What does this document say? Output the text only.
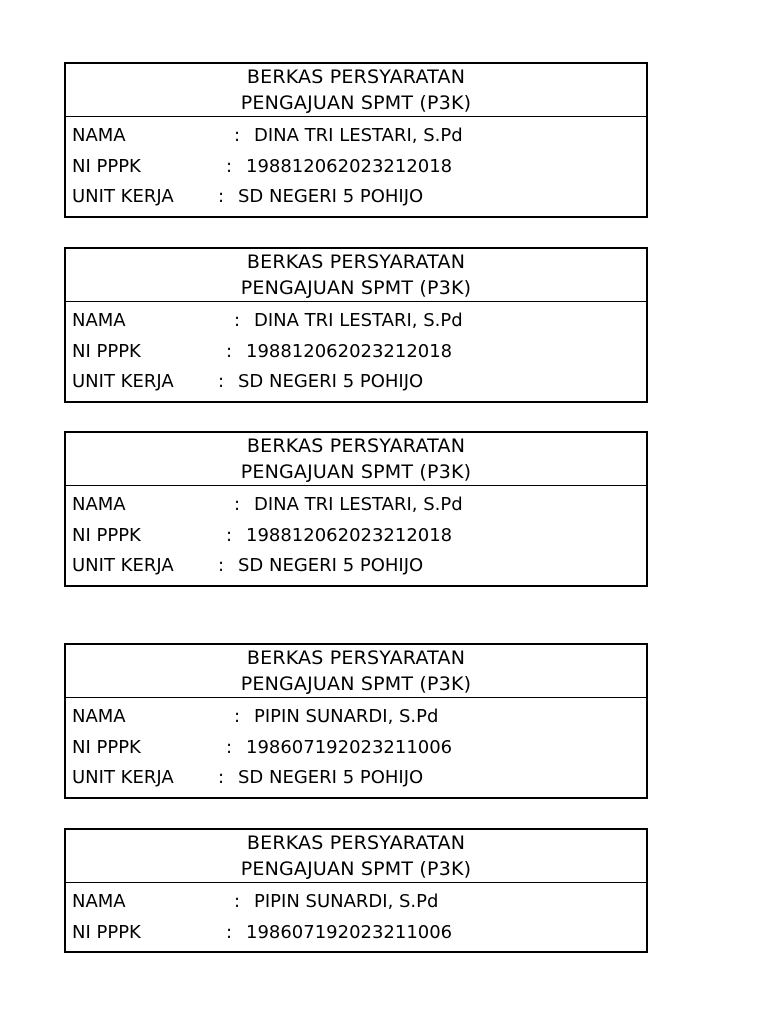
BERKAS PERSYARATAN
PENGAJUAN SPMT (P3K)
NAMA	: DINA TRI LESTARI, S.Pd
NI PPPK	: 198812062023212018
UNIT KERJA : SD NEGERI 5 POHIJO
BERKAS PERSYARATAN
PENGAJUAN SPMT (P3K)
NAMA	: DINA TRI LESTARI, S.Pd
NI PPPK	: 198812062023212018
UNIT KERJA : SD NEGERI 5 POHIJO
BERKAS PERSYARATAN
PENGAJUAN SPMT (P3K)
NAMA	: DINA TRI LESTARI, S.Pd
NI PPPK	: 198812062023212018
UNIT KERJA : SD NEGERI 5 POHIJO
BERKAS PERSYARATAN
PENGAJUAN SPMT (P3K)
NAMA	: PIPIN SUNARDI, S.Pd
NI PPPK	: 198607192023211006
UNIT KERJA : SD NEGERI 5 POHIJO
BERKAS PERSYARATAN
PENGAJUAN SPMT (P3K)
NAMA	: PIPIN SUNARDI, S.Pd
NI PPPK	: 198607192023211006
